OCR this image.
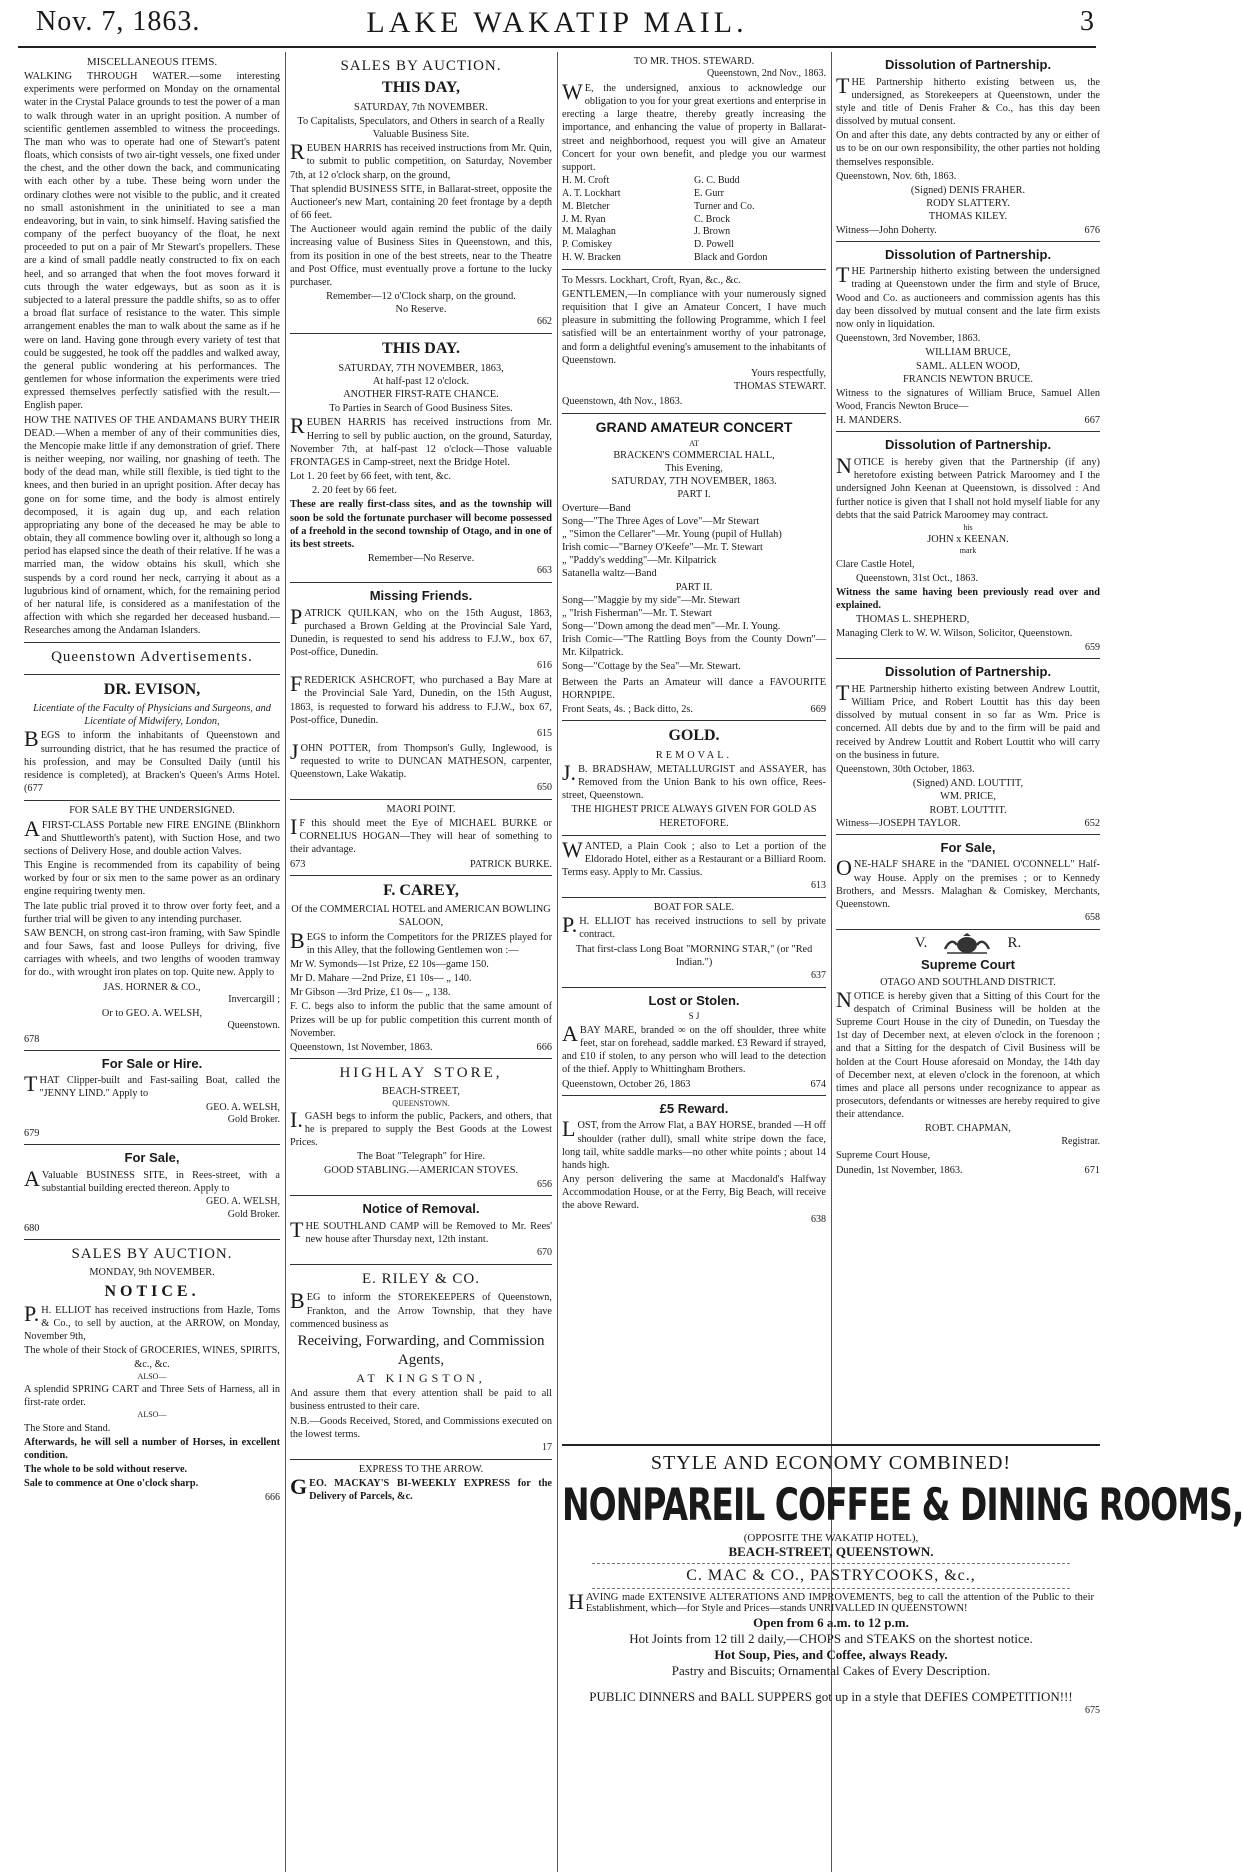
Nov. 7, 1863.	LAKE WAKATIP MAIL.	3
MISCELLANEOUS ITEMS.

WALKING THROUGH WATER.—some interesting experiments were performed on Monday on the ornamental water in the Crystal Palace grounds to test the power of a man to walk through water in an upright position. A number of scientific gentlemen assembled to witness the proceedings. The man who was to operate had one of Stewart's patent floats, which consists of two air-tight vessels, one fixed under the chest, and the other down the back, and communicating with each other by a tube. These being worn under the ordinary clothes were not visible to the public, and it created no small astonishment in the uninitiated to see a man endeavoring, but in vain, to sink himself. Having satisfied the company of the perfect buoyancy of the float, he next proceeded to put on a pair of Mr Stewart's propellers. These are a kind of small paddle neatly constructed to fix on each heel, and so arranged that when the foot moves forward it cuts through the water edgeways, but as soon as it is subjected to a lateral pressure the paddle shifts, so as to offer a broad flat surface of resistance to the water. This simple arrangement enables the man to walk about the same as if he were on land. Having gone through every variety of test that could be suggested, he took off the paddles and walked away, the general public wondering at his performances. The gentlemen for whose information the experiments were tried expressed themselves perfectly satisfied with the result.—English paper.

HOW THE NATIVES OF THE ANDAMANS BURY THEIR DEAD.—When a member of any of their communities dies, the Mencopie make little if any demonstration of grief. There is neither weeping, nor wailing, nor gnashing of teeth. The body of the dead man, while still flexible, is tied tight to the knees, and then buried in an upright position. After decay has gone on for some time, and the body is almost entirely decomposed, it is again dug up, and each relation appropriating any bone of the deceased he may be able to obtain, they all commence bowling over it, although so long a period has elapsed since the death of their relative. If he was a married man, the widow obtains his skull, which she suspends by a cord round her neck, carrying it about as a lugubrious kind of ornament, which, for the remaining period of her natural life, is considered as a manifestation of the affection with which she regarded her deceased husband.—Researches among the Andaman Islanders.

Queenstown Advertisements.
DR. EVISON,
Licentiate of the Faculty of Physicians and Surgeons, and Licentiate of Midwifery, London,

BEGS to inform the inhabitants of Queenstown and surrounding district, that he has resumed the practice of his profession, and may be Consulted Daily (until his residence is completed), at Bracken's Queen's Arms Hotel. (677

FOR SALE BY THE UNDERSIGNED.

AFIRST-CLASS Portable new FIRE ENGINE (Blinkhorn and Shuttleworth's patent), with Suction Hose, and two sections of Delivery Hose, and double action Valves.

This Engine is recommended from its capability of being worked by four or six men to the same power as an ordinary engine requiring twenty men.

The late public trial proved it to throw over forty feet, and a further trial will be given to any intending purchaser.

SAW BENCH, on strong cast-iron framing, with Saw Spindle and four Saws, fast and loose Pulleys for driving, five carriages with wheels, and two lengths of wooden tramway for do., with wrought iron plates on top. Quite new. Apply to

JAS. HORNER & CO.,
Invercargill ;
Or to GEO. A. WELSH,
Queenstown.
678
For Sale or Hire.

THAT Clipper-built and Fast-sailing Boat, called the "JENNY LIND." Apply to

GEO. A. WELSH,
Gold Broker.
679
For Sale,

AValuable BUSINESS SITE, in Rees-street, with a substantial building erected thereon. Apply to

GEO. A. WELSH,
Gold Broker.
680
SALES BY AUCTION.
MONDAY, 9th NOVEMBER.
NOTICE.

P.H. ELLIOT has received instructions from Hazle, Toms & Co., to sell by auction, at the ARROW, on Monday, November 9th,

The whole of their Stock of GROCERIES, WINES, SPIRITS, &c., &c.

ALSO—

A splendid SPRING CART and Three Sets of Harness, all in first-rate order.

ALSO—

The Store and Stand.

Afterwards, he will sell a number of Horses, in excellent condition.

The whole to be sold without reserve.

Sale to commence at One o'clock sharp.

666
SALES BY AUCTION.
THIS DAY,
SATURDAY, 7th NOVEMBER.

To Capitalists, Speculators, and Others in search of a Really Valuable Business Site.

REUBEN HARRIS has received instructions from Mr. Quin, to submit to public competition, on Saturday, November 7th, at 12 o'clock sharp, on the ground,

That splendid BUSINESS SITE, in Ballarat-street, opposite the Auctioneer's new Mart, containing 20 feet frontage by a depth of 66 feet.

The Auctioneer would again remind the public of the daily increasing value of Business Sites in Queenstown, and this, from its position in one of the best streets, near to the Theatre and Post Office, must eventually prove a fortune to the lucky purchaser.

Remember—12 o'Clock sharp, on the ground.
No Reserve.
662
THIS DAY.
SATURDAY, 7TH NOVEMBER, 1863,
At half-past 12 o'clock.
ANOTHER FIRST-RATE CHANCE.

To Parties in Search of Good Business Sites.

REUBEN HARRIS has received instructions from Mr. Herring to sell by public auction, on the ground, Saturday, November 7th, at half-past 12 o'clock—Those valuable FRONTAGES in Camp-street, next the Bridge Hotel.

Lot 1. 20 feet by 66 feet, with tent, &c.

2. 20 feet by 66 feet.

These are really first-class sites, and as the township will soon be sold the fortunate purchaser will become possessed of a freehold in the second township of Otago, and in one of its best streets.

Remember—No Reserve.
663
Missing Friends.

PATRICK QUILKAN, who on the 15th August, 1863, purchased a Brown Gelding at the Provincial Sale Yard, Dunedin, is requested to send his address to F.J.W., box 67, Post-office, Dunedin.

616

FREDERICK ASHCROFT, who purchased a Bay Mare at the Provincial Sale Yard, Dunedin, on the 15th August, 1863, is requested to forward his address to F.J.W., box 67, Post-office, Dunedin.

615

JOHN POTTER, from Thompson's Gully, Inglewood, is requested to write to DUNCAN MATHESON, carpenter, Queenstown, Lake Wakatip.

650
MAORI POINT.

IF this should meet the Eye of MICHAEL BURKE or CORNELIUS HOGAN—They will hear of something to their advantage.

673	PATRICK BURKE.
F. CAREY,
Of the COMMERCIAL HOTEL and AMERICAN BOWLING SALOON,

BEGS to inform the Competitors for the PRIZES played for in this Alley, that the following Gentlemen won :—

Mr W. Symonds—1st Prize, £2 10s—game 150.

Mr D. Mahare —2nd Prize, £1 10s— „ 140.

Mr Gibson —3rd Prize, £1 0s— „ 138.

F. C. begs also to inform the public that the same amount of Prizes will be up for public competition this current month of November.

Queenstown, 1st November, 1863.	666
HIGHLAY STORE,
BEACH-STREET,
QUEENSTOWN.

I.GASH begs to inform the public, Packers, and others, that he is prepared to supply the Best Goods at the Lowest Prices.

The Boat "Telegraph" for Hire.

GOOD STABLING.—AMERICAN STOVES.

656
Notice of Removal.

THE SOUTHLAND CAMP will be Removed to Mr. Rees' new house after Thursday next, 12th instant.

670
E. RILEY & CO.

BEG to inform the STOREKEEPERS of Queenstown, Frankton, and the Arrow Township, that they have commenced business as

Receiving, Forwarding, and Commission Agents,
AT KINGSTON,

And assure them that every attention shall be paid to all business entrusted to their care.

N.B.—Goods Received, Stored, and Commissions executed on the lowest terms.

17
EXPRESS TO THE ARROW.

GEO. MACKAY'S BI-WEEKLY EXPRESS for the Delivery of Parcels, &c.

TO MR. THOS. STEWARD.
Queenstown, 2nd Nov., 1863.

WE, the undersigned, anxious to acknowledge our obligation to you for your great exertions and enterprise in erecting a large theatre, thereby greatly increasing the importance, and enhancing the value of property in Ballarat-street and neighborhood, request you will give an Amateur Concert for your own benefit, and pledge you our warmest support.

H. M. Croft	G. C. Budd
A. T. Lockhart	E. Gurr
M. Bletcher	Turner and Co.
J. M. Ryan	C. Brock
M. Malaghan	J. Brown
P. Comiskey	D. Powell
H. W. Bracken	Black and Gordon

To Messrs. Lockhart, Croft, Ryan, &c., &c.

GENTLEMEN,—In compliance with your numerously signed requisition that I give an Amateur Concert, I have much pleasure in submitting the following Programme, which I feel satisfied will be an entertainment worthy of your patronage, and form a delightful evening's amusement to the inhabitants of Queenstown.

Yours respectfully,
THOMAS STEWART.

Queenstown, 4th Nov., 1863.

GRAND AMATEUR CONCERT
AT
BRACKEN'S COMMERCIAL HALL,
This Evening,
SATURDAY, 7TH NOVEMBER, 1863.
PART I.

Overture—Band

Song—"The Three Ages of Love"—Mr Stewart

„ "Simon the Cellarer"—Mr. Young (pupil of Hullah)

Irish comic—"Barney O'Keefe"—Mr. T. Stewart

„ "Paddy's wedding"—Mr. Kilpatrick

Satanella waltz—Band

PART II.

Song—"Maggie by my side"—Mr. Stewart

„ "Irish Fisherman"—Mr. T. Stewart

Song—"Down among the dead men"—Mr. I. Young.

Irish Comic—"The Rattling Boys from the County Down"—Mr. Kilpatrick.

Song—"Cottage by the Sea"—Mr. Stewart.

Between the Parts an Amateur will dance a FAVOURITE HORNPIPE.

Front Seats, 4s. ; Back ditto, 2s.	669
GOLD.
REMOVAL.

J.B. BRADSHAW, METALLURGIST and ASSAYER, has Removed from the Union Bank to his own office, Rees-street, Queenstown.

THE HIGHEST PRICE ALWAYS GIVEN FOR GOLD AS HERETOFORE.

WANTED, a Plain Cook ; also to Let a portion of the Eldorado Hotel, either as a Restaurant or a Billiard Room. Terms easy. Apply to Mr. Cassius.

613
BOAT FOR SALE.

P.H. ELLIOT has received instructions to sell by private contract.

That first-class Long Boat "MORNING STAR," (or "Red Indian.")

637
Lost or Stolen.
S J

ABAY MARE, branded ∞ on the off shoulder, three white feet, star on forehead, saddle marked. £3 Reward if strayed, and £10 if stolen, to any person who will lead to the detection of the thief. Apply to Whittingham Brothers.

Queenstown, October 26, 1863	674
£5 Reward.

LOST, from the Arrow Flat, a BAY HORSE, branded —H off shoulder (rather dull), small white stripe down the face, long tail, white saddle marks—no other white points ; about 14 hands high.

Any person delivering the same at Macdonald's Halfway Accommodation House, or at the Ferry, Big Beach, will receive the above Reward.

638
Dissolution of Partnership.

THE Partnership hitherto existing between us, the undersigned, as Storekeepers at Queenstown, under the style and title of Denis Fraher & Co., has this day been dissolved by mutual consent.

On and after this date, any debts contracted by any or either of us to be on our own responsibility, the other parties not holding themselves responsible.

Queenstown, Nov. 6th, 1863.

(Signed) DENIS FRAHER.

RODY SLATTERY.

THOMAS KILEY.

Witness—John Doherty.	676
Dissolution of Partnership.

THE Partnership hitherto existing between the undersigned trading at Queenstown under the firm and style of Bruce, Wood and Co. as auctioneers and commission agents has this day been dissolved by mutual consent and the late firm exists now only in liquidation.

Queenstown, 3rd November, 1863.

WILLIAM BRUCE,

SAML. ALLEN WOOD,

FRANCIS NEWTON BRUCE.

Witness to the signatures of William Bruce, Samuel Allen Wood, Francis Newton Bruce—

H. MANDERS.	667
Dissolution of Partnership.

NOTICE is hereby given that the Partnership (if any) heretofore existing between Patrick Maroomey and I the undersigned John Keenan at Queenstown, is dissolved : And further notice is given that I shall not hold myself liable for any debts that the said Patrick Maroomey may contract.

his
JOHN x KEENAN.
mark

Clare Castle Hotel,

Queenstown, 31st Oct., 1863.

Witness the same having been previously read over and explained.

THOMAS L. SHEPHERD,

Managing Clerk to W. W. Wilson, Solicitor, Queenstown.

659
Dissolution of Partnership.

THE Partnership hitherto existing between Andrew Louttit, William Price, and Robert Louttit has this day been dissolved by mutual consent in so far as Wm. Price is concerned. All debts due by and to the firm will be paid and received by Andrew Louttit and Robert Louttit who will carry on the business in future.

Queenstown, 30th October, 1863.

(Signed) AND. LOUTTIT,

WM. PRICE,

ROBT. LOUTTIT.

Witness—JOSEPH TAYLOR.	652
For Sale,

ONE-HALF SHARE in the "DANIEL O'CONNELL" Half-way House. Apply on the premises ; or to Kennedy Brothers, and Messrs. Malaghan & Comiskey, Merchants, Queenstown.

658
V.	R.
Supreme Court
OTAGO AND SOUTHLAND DISTRICT.

NOTICE is hereby given that a Sitting of this Court for the despatch of Criminal Business will be holden at the Supreme Court House in the city of Dunedin, on Tuesday the 1st day of December next, at eleven o'clock in the forenoon ; and that a Sitting for the despatch of Civil Business will be holden at the Court House aforesaid on Monday, the 14th day of December next, at eleven o'clock in the forenoon, at which times and place all persons under recognizance to appear as prosecutors, defendants or witnesses are hereby required to give their attendance.

ROBT. CHAPMAN,
Registrar.

Supreme Court House,

Dunedin, 1st November, 1863.	671
STYLE AND ECONOMY COMBINED!
NONPAREIL COFFEE & DINING ROOMS,
(OPPOSITE THE WAKATIP HOTEL),
BEACH-STREET, QUEENSTOWN.
C. MAC & CO., PASTRYCOOKS, &c.,

HAVING made EXTENSIVE ALTERATIONS AND IMPROVEMENTS, beg to call the attention of the Public to their Establishment, which—for Style and Prices—stands UNRIVALLED IN QUEENSTOWN!

Open from 6 a.m. to 12 p.m.
Hot Joints from 12 till 2 daily,—CHOPS and STEAKS on the shortest notice.
Hot Soup, Pies, and Coffee, always Ready.
Pastry and Biscuits; Ornamental Cakes of Every Description.
PUBLIC DINNERS and BALL SUPPERS got up in a style that DEFIES COMPETITION!!!
675
